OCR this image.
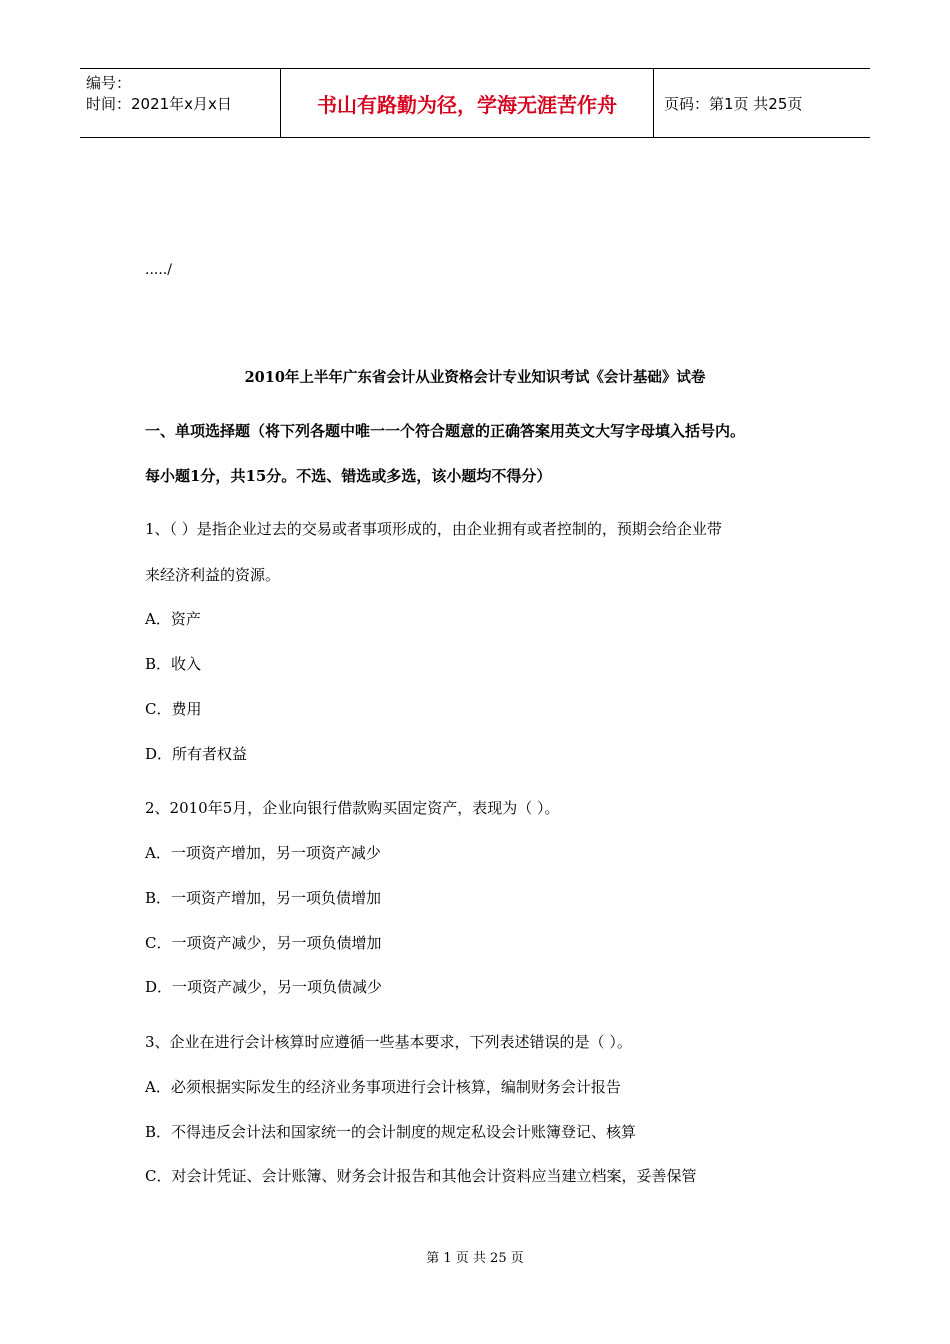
编号：
时间：2021年x月x日	书山有路勤为径，学海无涯苦作舟	页码：第1页 共25页
...../
2010年上半年广东省会计从业资格会计专业知识考试《会计基础》试卷
一、单项选择题（将下列各题中唯一一个符合题意的正确答案用英文大写字母填入括号内。
每小题1分，共15分。不选、错选或多选，该小题均不得分）
1、（ ）是指企业过去的交易或者事项形成的，由企业拥有或者控制的，预期会给企业带
来经济利益的资源。
A．资产
B．收入
C．费用
D．所有者权益
2、2010年5月，企业向银行借款购买固定资产，表现为（ ）。
A．一项资产增加，另一项资产减少
B．一项资产增加，另一项负债增加
C．一项资产减少，另一项负债增加
D．一项资产减少，另一项负债减少
3、企业在进行会计核算时应遵循一些基本要求，下列表述错误的是（ ）。
A．必须根据实际发生的经济业务事项进行会计核算，编制财务会计报告
B．不得违反会计法和国家统一的会计制度的规定私设会计账簿登记、核算
C．对会计凭证、会计账簿、财务会计报告和其他会计资料应当建立档案，妥善保管
第 1 页 共 25 页
